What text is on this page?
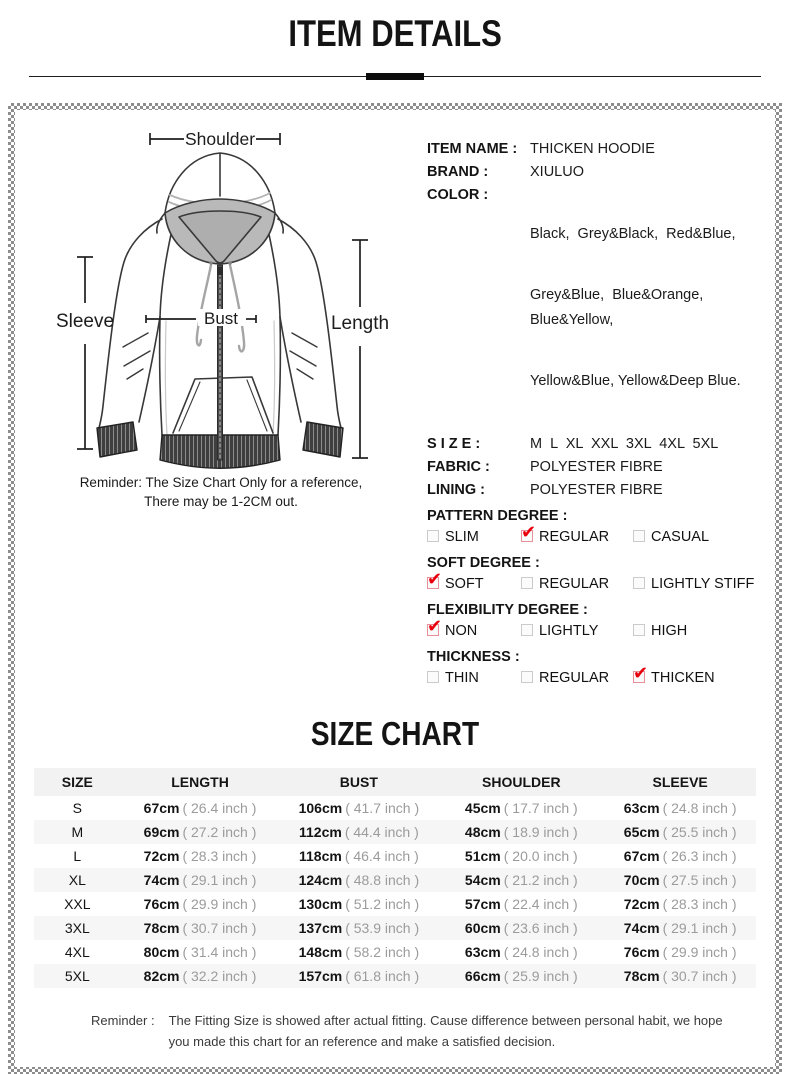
ITEM DETAILS
Shoulder
Bust
Sleeve	Length
Reminder: The Size Chart Only for a reference,
There may be 1-2CM out.
ITEM NAME : THICKEN HOODIE
BRAND :	XIULUO
COLOR :

Black,  Grey&Black,  Red&Blue,

Grey&Blue,  Blue&Orange, Blue&Yellow,

Yellow&Blue, Yellow&Deep Blue.

S I Z E :	M  L  XL  XXL  3XL  4XL  5XL
FABRIC :	POLYESTER FIBRE
LINING :	POLYESTER FIBRE
PATTERN DEGREE :
SLIM ✔	REGULAR	CASUAL
SOFT DEGREE :
✔SOFT	REGULAR	LIGHTLY STIFF
FLEXIBILITY DEGREE :
✔NON	LIGHTLY	HIGH
THICKNESS :
THIN	REGULAR ✔	THICKEN
SIZE CHART
SIZE	LENGTH	BUST	SHOULDER	SLEEVE
S	67cm ( 26.4 inch )	106cm ( 41.7 inch )	45cm ( 17.7 inch )	63cm ( 24.8 inch )
M	69cm ( 27.2 inch )	112cm ( 44.4 inch )	48cm ( 18.9 inch )	65cm ( 25.5 inch )
L	72cm ( 28.3 inch )	118cm ( 46.4 inch )	51cm ( 20.0 inch )	67cm ( 26.3 inch )
XL	74cm ( 29.1 inch )	124cm ( 48.8 inch )	54cm ( 21.2 inch )	70cm ( 27.5 inch )
XXL	76cm ( 29.9 inch )	130cm ( 51.2 inch )	57cm ( 22.4 inch )	72cm ( 28.3 inch )
3XL	78cm ( 30.7 inch )	137cm ( 53.9 inch )	60cm ( 23.6 inch )	74cm ( 29.1 inch )
4XL	80cm ( 31.4 inch )	148cm ( 58.2 inch )	63cm ( 24.8 inch )	76cm ( 29.9 inch )
5XL	82cm ( 32.2 inch )	157cm ( 61.8 inch )	66cm ( 25.9 inch )	78cm ( 30.7 inch )
Reminder : The Fitting Size is showed after actual fitting. Cause difference between personal habit, we hope
you made this chart for an reference and make a satisfied decision.
